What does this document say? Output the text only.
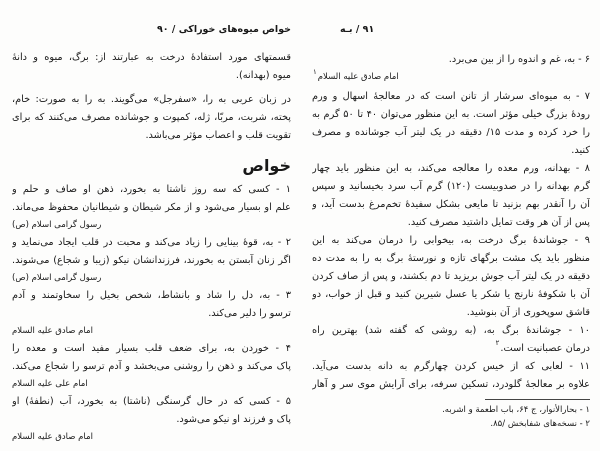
خواص میوه‌های خوراکی / ۹۰
قسمتهای مورد استفادهٔ درخت به عبارتند از: برگ، میوه و دانهٔ
میوه (بهدانه).
در زبان عربی به را، «سفرجل» می‌گویند. به را به صورت: خام،
پخته، شربت، مربّا، ژله، کمپوت و جوشانده مصرف می‌کنند که برای
تقویت قلب و اعصاب مؤثر می‌باشد.
خواص
۱ - کسی که سه روز ناشتا به بخورد، ذهن او صاف و حلم و
علم او بسیار می‌شود و از مکر شیطان و شیطانیان محفوظ می‌ماند.
رسول گرامی اسلام (ص)
۲ - به، قوهٔ بینایی را زیاد می‌کند و محبت در قلب ایجاد می‌نماید و
اگر زنان آبستن به بخورند، فرزندانشان نیکو (زیبا و شجاع) می‌شوند.
رسول گرامی اسلام (ص)
۳ - به، دل را شاد و بانشاط، شخص بخیل را سخاوتمند و آدم
ترسو را دلیر می‌کند.
امام صادق علیه السلام
۴ - خوردن به، برای ضعف قلب بسیار مفید است و معده را
پاک می‌کند و ذهن را روشنی می‌بخشد و آدم ترسو را شجاع می‌کند.
امام علی علیه السلام
۵ - کسی که در حال گرسنگی (ناشتا) به بخورد، آب (نطفهٔ) او
پاک و فرزند او نیکو می‌شود.
امام صادق علیه السلام
۹۱ / بـه
۶ - به، غم و اندوه را از بین می‌برد.
امام صادق علیه السلام$^۱$
۷ - به میوه‌ای سرشار از تانن است که در معالجهٔ اسهال و ورم
رودهٔ بزرگ خیلی مؤثر است. به این منظور می‌توان ۴۰ تا ۵۰ گرم به
را خرد کرده و مدت ۱۵/ دقیقه در یک لیتر آب جوشانده و مصرف
کنید.
۸ - بهدانه، ورم معده را معالجه می‌کند، به این منظور باید چهار
گرم بهدانه را در صدوبیست (۱۲۰) گرم آب سرد بخیسانید و سپس
آن را آنقدر بهم بزنید تا مایعی بشکل سفیدهٔ تخم‌مرغ بدست آید، و
پس از آن هر وقت تمایل داشتید مصرف کنید.
۹ - جوشاندهٔ برگ درخت به، بیخوابی را درمان می‌کند به این
منظور باید یک مشت برگهای تازه و نورستهٔ برگ به را به مدت ده
دقیقه در یک لیتر آب جوش بریزید تا دم بکشند، و پس از صاف کردن
آن با شکوفهٔ نارنج یا شکر یا عسل شیرین کنید و قبل از خواب، دو
قاشق سوپخوری از آن بنوشید.
۱۰ - جوشاندهٔ برگ به، (به روشی که گفته شد) بهترین راه
درمان عصبانیت است.$^۲$
۱۱ - لعابی که از خیس کردن چهارگرم به دانه بدست می‌آید.
علاوه بر معالجهٔ گلودرد، تسکین سرفه، برای آرایش موی سر و آهار
۱ - بحارالأنوار، ج ۶۴، باب اطعمة و اشربه.
۲ - نسخه‌های شفابخش /۸۵.
